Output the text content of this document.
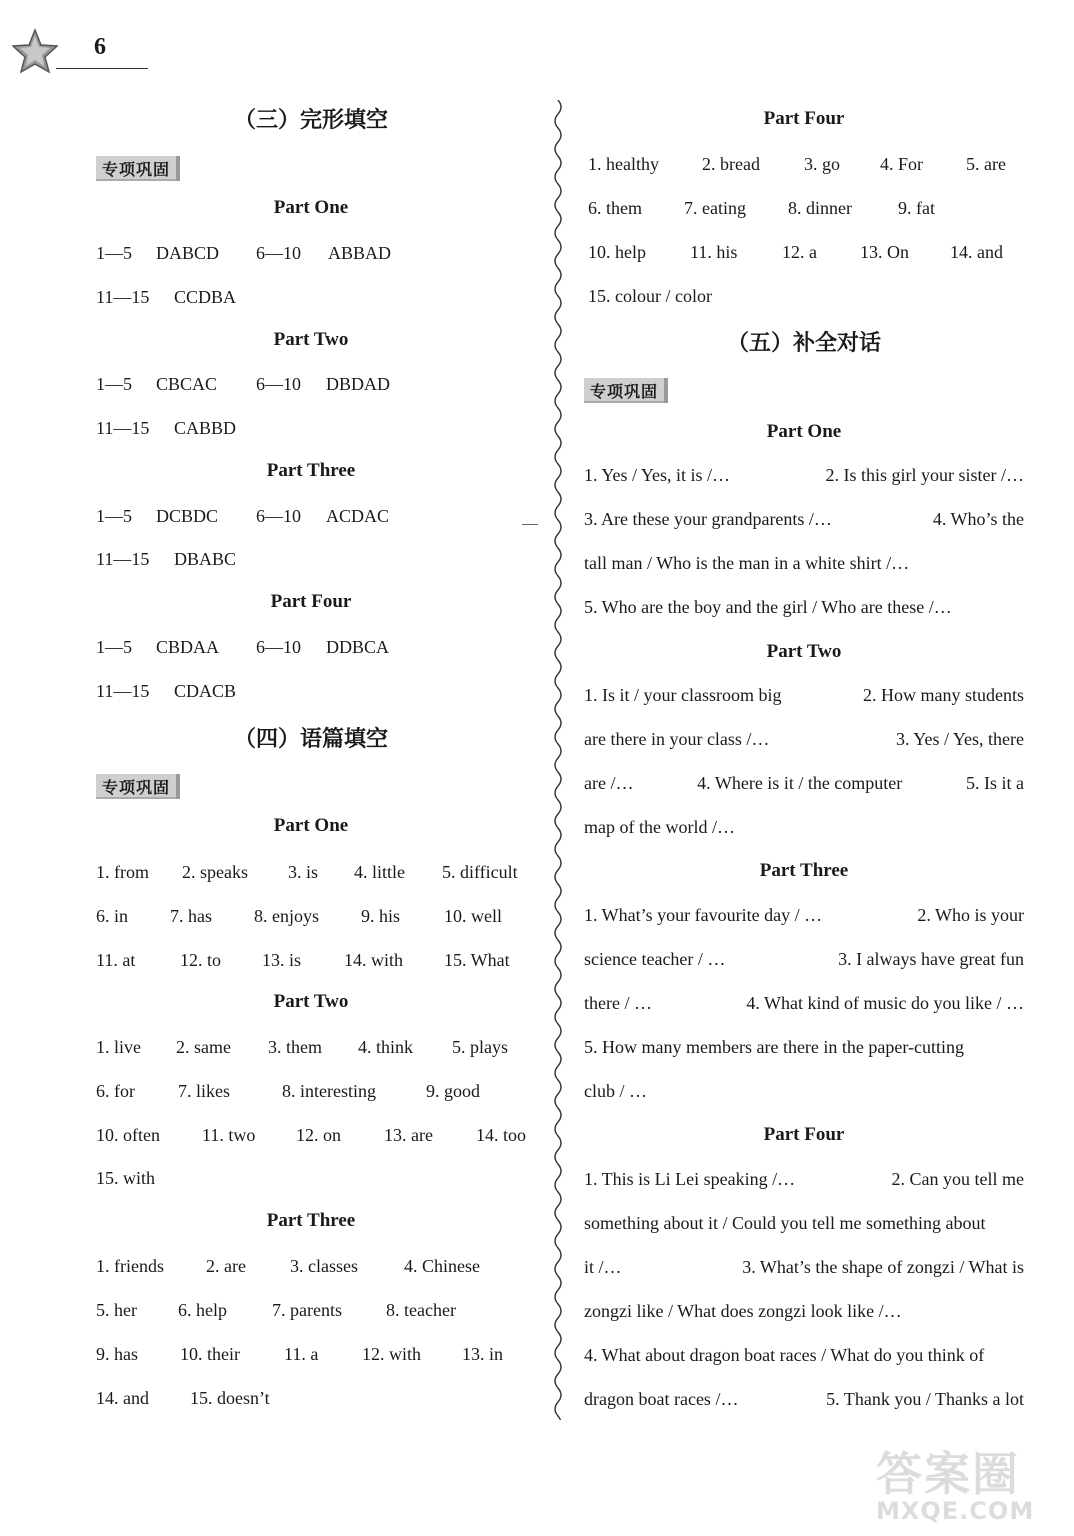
6
（三）完形填空
专项巩固
Part One
1—5 DABCD 6—10 ABBAD
11—15 CCDBA
Part Two
1—5 CBCAC 6—10 DBDAD
11—15 CABBD
Part Three
1—5 DCBDC 6—10 ACDAC
11—15 DBABC
Part Four
1—5 CBDAA 6—10 DDBCA
11—15 CDACB
（四）语篇填空
专项巩固
Part One
1. from 2. speaks 3. is 4. little 5. difficult
6. in 7. has 8. enjoys 9. his 10. well
11. at 12. to 13. is 14. with 15. What
Part Two
1. live 2. same 3. them 4. think 5. plays
6. for 7. likes	8. interesting	9. good
10. often 11. two 12. on 13. are 14. too
15. with
Part Three
1. friends 2. are 3. classes	4. Chinese
5. her 6. help	7. parents 8. teacher
9. has 10. their 11. a 12. with 13. in
14. and 15. doesn’t
Part Four
1. healthy 2. bread 3. go 4. For 5. are
6. them 7. eating 8. dinner	9. fat
10. help 11. his 12. a 13. On 14. and
15. colour / color
（五）补全对话
专项巩固
Part One
1. Yes / Yes, it is /…	2. Is this girl your sister /…
3. Are these your grandparents /…	4. Who’s the
tall man / Who is the man in a white shirt /…
5. Who are the boy and the girl / Who are these /…
Part Two
1. Is it / your classroom big	2. How many students
are there in your class /…	3. Yes / Yes, there
are /…	4. Where is it / the computer	5. Is it a
map of the world /…
Part Three
1. What’s your favourite day / …	2. Who is your
science teacher / …	3. I always have great fun
there / …	4. What kind of music do you like / …
5. How many members are there in the paper-cutting
club / …
Part Four
1. This is Li Lei speaking /…	2. Can you tell me
something about it / Could you tell me something about
it /…	3. What’s the shape of zongzi / What is
zongzi like / What does zongzi look like /…
4. What about dragon boat races / What do you think of
dragon boat races /…	5. Thank you / Thanks a lot
答案圈
MXQE.COM
